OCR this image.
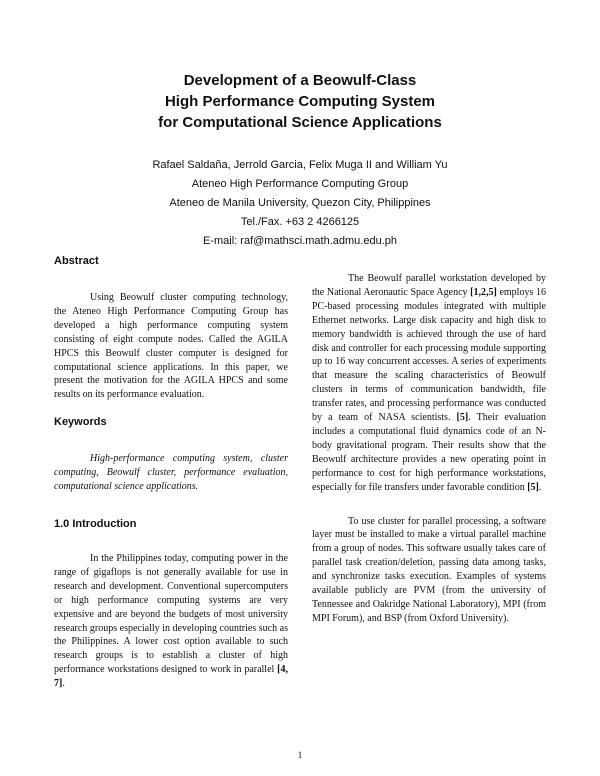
Development of a Beowulf-Class
High Performance Computing System
for Computational Science Applications
Rafael Saldaña, Jerrold Garcia, Felix Muga II and William Yu
Ateneo High Performance Computing Group
Ateneo de Manila University, Quezon City, Philippines
Tel./Fax. +63 2 4266125
E-mail: raf@mathsci.math.admu.edu.ph
Abstract

Using Beowulf cluster computing technology, the Ateneo High Performance Computing Group has developed a high performance computing system consisting of eight compute nodes. Called the AGILA HPCS this Beowulf cluster computer is designed for computational science applications. In this paper, we present the motivation for the AGILA HPCS and some results on its performance evaluation.

Keywords

High-performance computing system, cluster computing, Beowulf cluster, performance evaluation, computational science applications.

1.0 Introduction

In the Philippines today, computing power in the range of gigaflops is not generally available for use in research and development. Conventional supercomputers or high performance computing systems are very expensive and are beyond the budgets of most university research groups especially in developing countries such as the Philippines. A lower cost option available to such research groups is to establish a cluster of high performance workstations designed to work in parallel [4, 7].

The Beowulf parallel workstation developed by the National Aeronautic Space Agency [1,2,5] employs 16 PC-based processing modules integrated with multiple Ethernet networks. Large disk capacity and high disk to memory bandwidth is achieved through the use of hard disk and controller for each processing module supporting up to 16 way concurrent accesses. A series of experiments that measure the scaling characteristics of Beowulf clusters in terms of communication bandwidth, file transfer rates, and processing performance was conducted by a team of NASA scientists. [5]. Their evaluation includes a computational fluid dynamics code of an N-body gravitational program. Their results show that the Beowulf architecture provides a new operating point in performance to cost for high performance workstations, especially for file transfers under favorable condition [5].

To use cluster for parallel processing, a software layer must be installed to make a virtual parallel machine from a group of nodes. This software usually takes care of parallel task creation/deletion, passing data among tasks, and synchronize tasks execution. Examples of systems available publicly are PVM (from the university of Tennessee and Oakridge National Laboratory), MPI (from MPI Forum), and BSP (from Oxford University).

1
